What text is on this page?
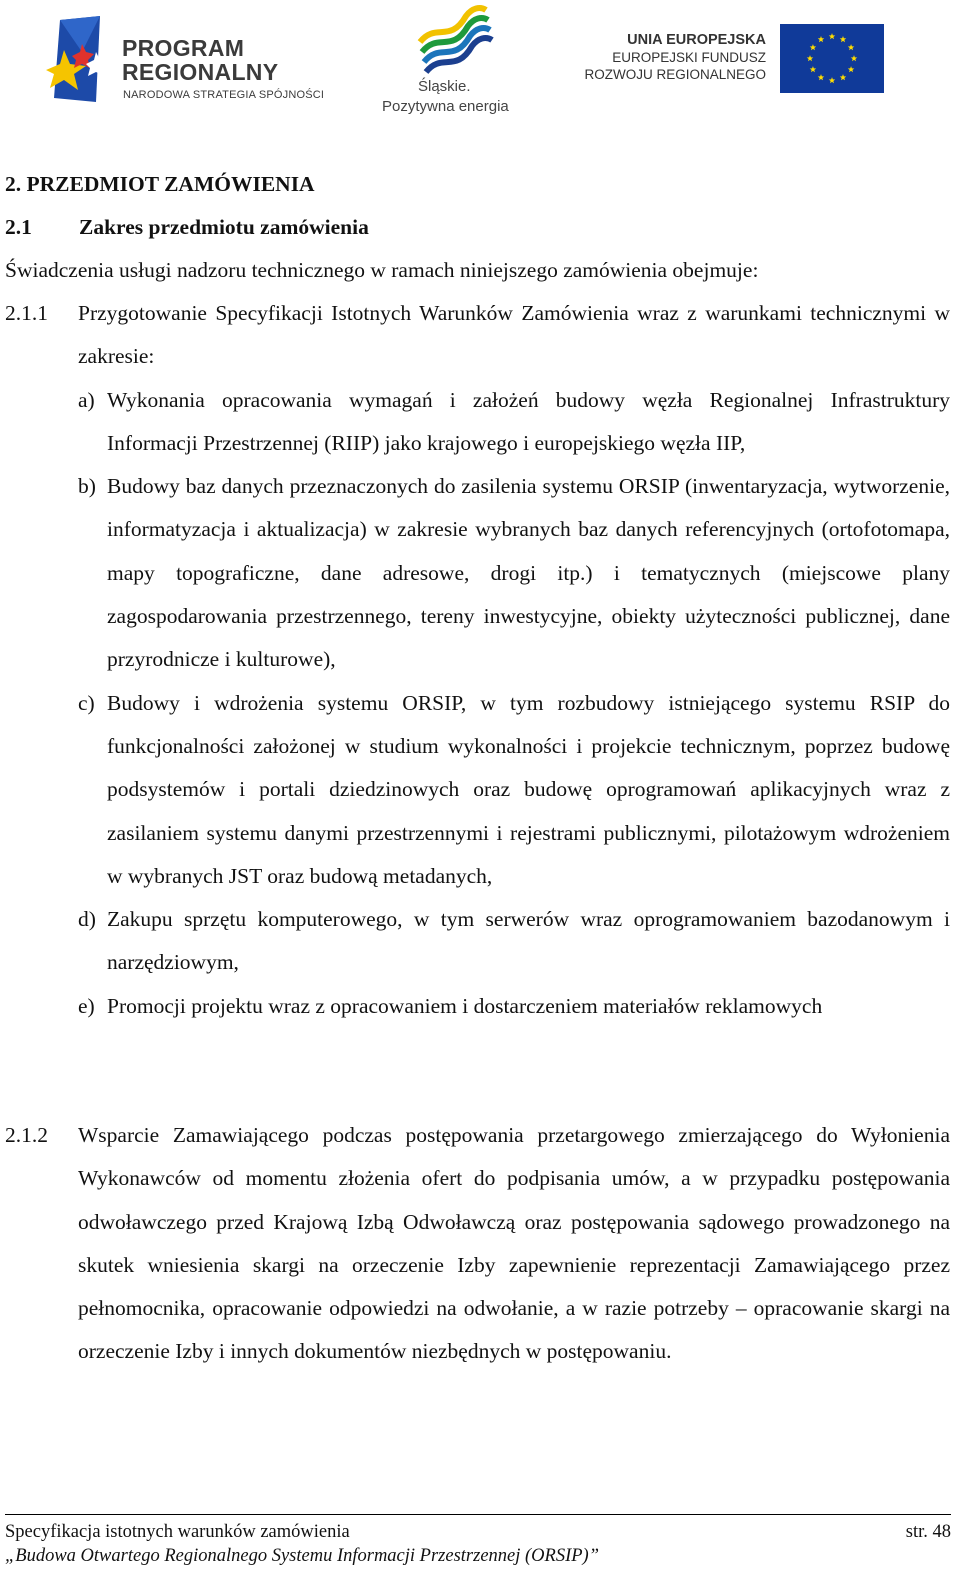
PROGRAM
REGIONALNY
NARODOWA STRATEGIA SPÓJNOŚCI	Śląskie.
Pozytywna energia
UNIA EUROPEJSKA
EUROPEJSKI FUNDUSZ
ROZWOJU REGIONALNEGO
2. PRZEDMIOT ZAMÓWIENIA
2.1 Zakres przedmiotu zamówienia
Świadczenia usługi nadzoru technicznego w ramach niniejszego zamówienia obejmuje:
2.1.1 Przygotowanie Specyfikacji Istotnych Warunków Zamówienia wraz z warunkami technicznymi w zakresie:
a) Wykonania opracowania wymagań i założeń budowy węzła Regionalnej Infrastruktury Informacji Przestrzennej (RIIP) jako krajowego i europejskiego węzła IIP,
b) Budowy baz danych przeznaczonych do zasilenia systemu ORSIP (inwentaryzacja, wytworzenie, informatyzacja i aktualizacja) w zakresie wybranych baz danych referencyjnych (ortofotomapa, mapy topograficzne, dane adresowe, drogi itp.) i tematycznych (miejscowe plany zagospodarowania przestrzennego, tereny inwestycyjne, obiekty użyteczności publicznej, dane przyrodnicze i kulturowe),
c) Budowy i wdrożenia systemu ORSIP, w tym rozbudowy istniejącego systemu RSIP do funkcjonalności założonej w studium wykonalności i projekcie technicznym, poprzez budowę podsystemów i portali dziedzinowych oraz budowę oprogramowań aplikacyjnych wraz z zasilaniem systemu danymi przestrzennymi i rejestrami publicznymi, pilotażowym wdrożeniem w wybranych JST oraz budową metadanych,
d) Zakupu sprzętu komputerowego, w tym serwerów wraz oprogramowaniem bazodanowym i narzędziowym,
e) Promocji projektu wraz z opracowaniem i dostarczeniem materiałów reklamowych
2.1.2 Wsparcie Zamawiającego podczas postępowania przetargowego zmierzającego do Wyłonienia Wykonawców od momentu złożenia ofert do podpisania umów, a w przypadku postępowania odwoławczego przed Krajową Izbą Odwoławczą oraz postępowania sądowego prowadzonego na skutek wniesienia skargi na orzeczenie Izby zapewnienie reprezentacji Zamawiającego przez pełnomocnika, opracowanie odpowiedzi na odwołanie, a w razie potrzeby – opracowanie skargi na orzeczenie Izby i innych dokumentów niezbędnych w postępowaniu.
Specyfikacja istotnych warunków zamówienia	str. 48
„Budowa Otwartego Regionalnego Systemu Informacji Przestrzennej (ORSIP)”
